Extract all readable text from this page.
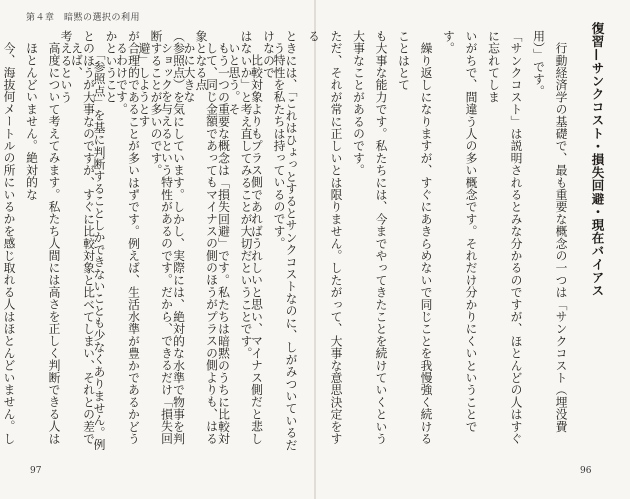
第４章　暗黙の選択の利用

う特性を私たちは持っているのです。

　比較対象よりもプラス側であればうれしいと思い、マイナス側だと悲しいと思う。そ

して、同じ金額であってもマイナスの側のほうがプラスの側よりも、はるかに大きな

ショックを与えるという特性があるのです。だから、できるだけ「損失回避」しようとす

るわけです。

　「参照点」を基に判断することしかできないことも少なくありません。例えば、

高度について考えてみます。私たち人間には高さを正しく判断できる人はほとんどいません。絶対的な

今、海抜何メートルの所にいるかを感じ取れる人はほとんどいません。し

97

　行動経済学の基礎で、最も重要な概念の一つは「サンクコスト（埋没費用）」です。

「サンクコスト」は説明されるとみな分かるのですが、ほとんどの人はすぐに忘れてしま

いがちで、間違う人の多い概念です。それだけ分かりにくいということです。

　繰り返しになりますが、すぐにあきらめないで同じことを我慢強く続けることはとて

も大事な能力です。私たちには、今までやってきたことを続けていくという大事なことがあるのです。

ただ、それが常に正しいとは限りません。したがって、大事な意思決定をする

ときには、「これはひょっとするとサンクコストなのに、しがみついているだけなので

はないか」と考え直してみることが大切だということです。

　もう一つの重要な概念は「損失回避」です。私たちは暗黙のうちに比較対象となる点

（参照点）を気にしています。しかし、実際には、絶対的な水準で物事を判断することが多いのです。

が合理的であることが多いはずです。例えば、生活水準が豊かであるかどうかということ

とのほうが大事なのですが、すぐに比較対象と比べてしまい、それとの差で考えるという	復習—サンクコスト・損失回避・現在バイアス
96
